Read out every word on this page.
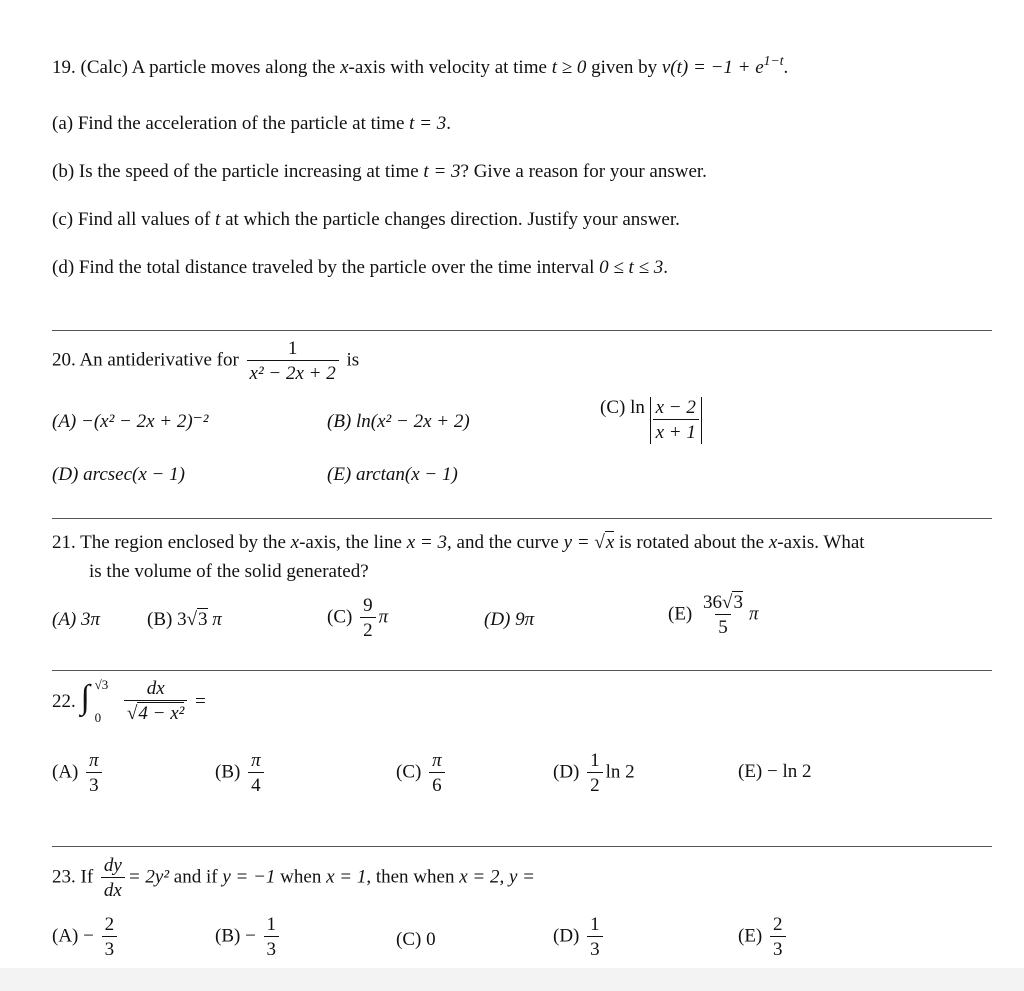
19. (Calc) A particle moves along the x-axis with velocity at time t ≥ 0 given by $v(t) = -1 + e^{1-t}$.
(a) Find the acceleration of the particle at time t = 3.
(b) Is the speed of the particle increasing at time t = 3? Give a reason for your answer.
(c) Find all values of t at which the particle changes direction. Justify your answer.
(d) Find the total distance traveled by the particle over the time interval 0 ≤ t ≤ 3.
20. An antiderivative for $\frac{1}{\text{x² − 2x + 2}}$ is
(A) −(x² − 2x + 2)⁻²	(B) ln(x² − 2x + 2)
(C) $\ln \frac{x - 2}{x + 1}$
(D) arcsec(x − 1)	(E) arctan(x − 1)
21. The region enclosed by the x-axis, the line x = 3, and the curve y = √x is rotated about the x-axis. What
is the volume of the solid generated?
(A) 3π (B) 3√3 π	$(C) \frac{9}{2}$ π	(D) 9π	$(E) \frac{36√3}{5}$ π
22. ∫ √3
0
	$\frac{dx}{\text{√4 − x²}}$ =
$(A) \frac{\pi}{3}$	$(B) \frac{\pi}{4}$	$(C) \frac{\pi}{6}$	$(D) \frac{1}{2}$ ln 2	(E) − ln 2
23. If $\frac{dy}{dx} = 2y^2$ and if y = −1 when x = 1, then when x = 2, y =
$(A) - \frac{2}{3}$	$(B) - \frac{1}{3}$	(C) 0	$(D) \frac{1}{3}$	$(E) \frac{2}{3}$
